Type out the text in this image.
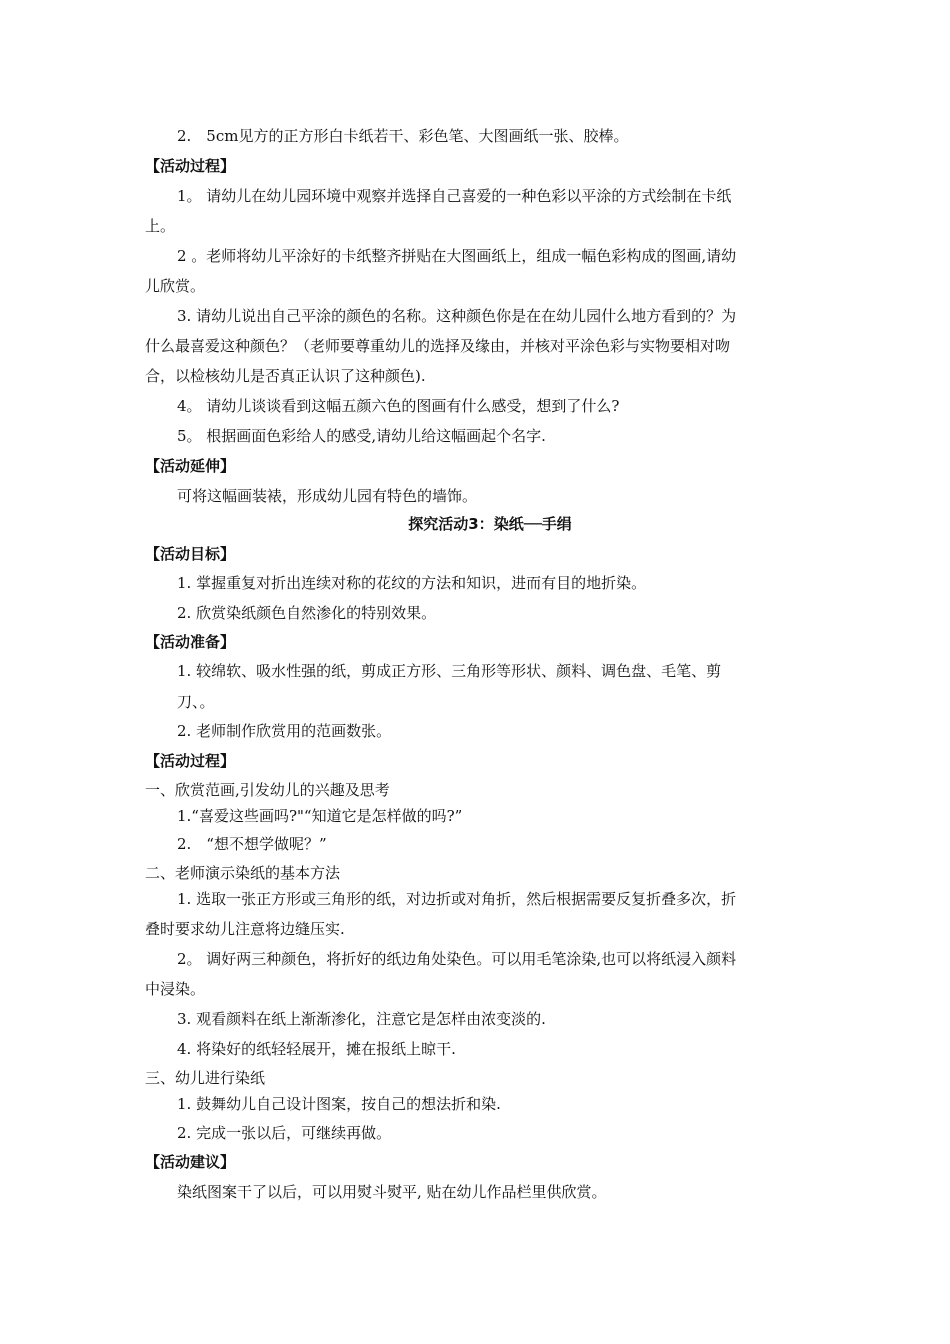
2.　5cm见方的正方形白卡纸若干、彩色笔、大图画纸一张、胶棒。
【活动过程】
1。 请幼儿在幼儿园环境中观察并选择自己喜爱的一种色彩以平涂的方式绘制在卡纸
上。
2 。老师将幼儿平涂好的卡纸整齐拼贴在大图画纸上，组成一幅色彩构成的图画,请幼
儿欣赏。
3. 请幼儿说出自己平涂的颜色的名称。这种颜色你是在在幼儿园什么地方看到的？为
什么最喜爱这种颜色？（老师要尊重幼儿的选择及缘由，并核对平涂色彩与实物要相对吻
合，以检核幼儿是否真正认识了这种颜色).
4。 请幼儿谈谈看到这幅五颜六色的图画有什么感受，想到了什么?
5。 根据画面色彩给人的感受,请幼儿给这幅画起个名字.
【活动延伸】
可将这幅画装裱，形成幼儿园有特色的墙饰。
探究活动3：染纸──手绢
【活动目标】
1. 掌握重复对折出连续对称的花纹的方法和知识，进而有目的地折染。
2. 欣赏染纸颜色自然渗化的特别效果。
【活动准备】
1. 较绵软、吸水性强的纸，剪成正方形、三角形等形状、颜料、调色盘、毛笔、剪
刀、。
2. 老师制作欣赏用的范画数张。
【活动过程】
一、欣赏范画,引发幼儿的兴趣及思考
1.“喜爱这些画吗?"“知道它是怎样做的吗?”
2.　“想不想学做呢？”
二、老师演示染纸的基本方法
1. 选取一张正方形或三角形的纸，对边折或对角折，然后根据需要反复折叠多次，折
叠时要求幼儿注意将边缝压实.
2。 调好两三种颜色，将折好的纸边角处染色。可以用毛笔涂染,也可以将纸浸入颜料
中浸染。
3. 观看颜料在纸上渐渐渗化，注意它是怎样由浓变淡的.
4. 将染好的纸轻轻展开，摊在报纸上晾干.
三、幼儿进行染纸
1. 鼓舞幼儿自己设计图案，按自己的想法折和染.
2. 完成一张以后，可继续再做。
【活动建议】
染纸图案干了以后，可以用熨斗熨平, 贴在幼儿作品栏里供欣赏。
